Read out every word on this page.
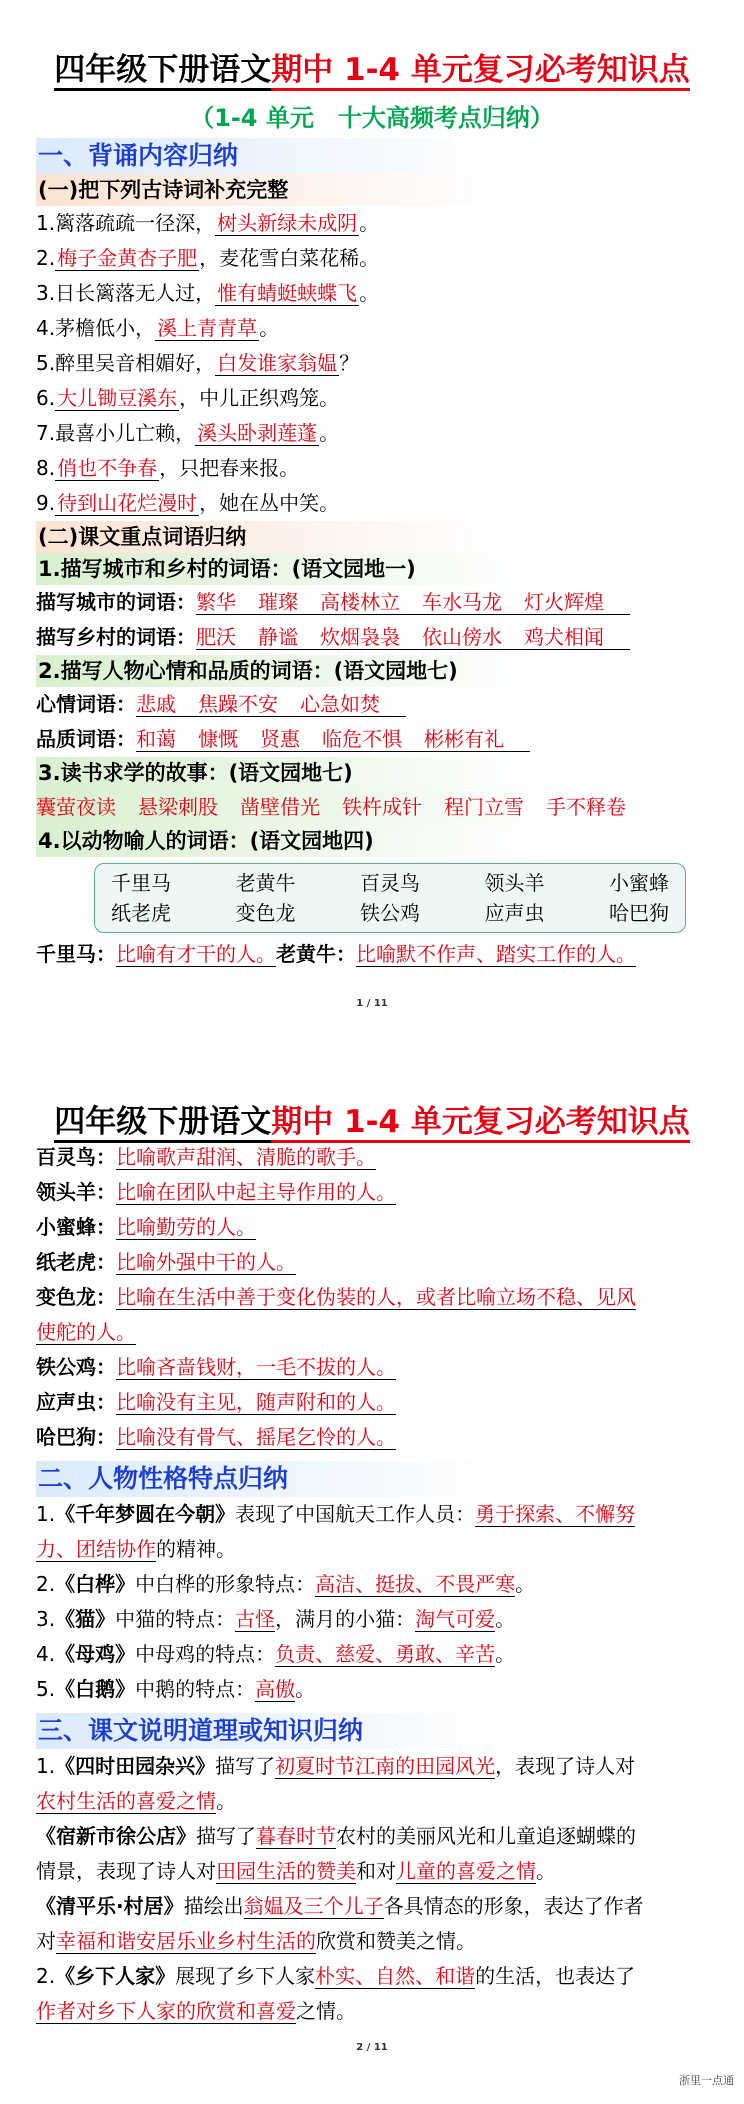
四年级下册语文期中 1-4 单元复习必考知识点
（1-4 单元　十大高频考点归纳）
一、背诵内容归纳
(一)把下列古诗词补充完整
1.篱落疏疏一径深， 树头新绿未成阴 。
2. 梅子金黄杏子肥 ，麦花雪白菜花稀。
3.日长篱落无人过， 惟有蜻蜓蛱蝶飞 。
4.茅檐低小， 溪上青青草 。
5.醉里吴音相媚好， 白发谁家翁媪 ？
6. 大儿锄豆溪东 ，中儿正织鸡笼。
7.最喜小儿亡赖， 溪头卧剥莲蓬 。
8. 俏也不争春 ，只把春来报。
9. 待到山花烂漫时 ，她在丛中笑。
(二)课文重点词语归纳
1.描写城市和乡村的词语：(语文园地一)
描写城市的词语：繁华 璀璨 高楼林立 车水马龙 灯火辉煌
描写乡村的词语：肥沃 静谧 炊烟袅袅 依山傍水 鸡犬相闻
2.描写人物心情和品质的词语：(语文园地七)
心情词语：悲戚 焦躁不安 心急如焚
品质词语：和蔼 慷慨 贤惠 临危不惧 彬彬有礼
3.读书求学的故事：(语文园地七)
囊萤夜读 悬梁刺股 凿壁借光 铁杵成针 程门立雪 手不释卷
4.以动物喻人的词语：(语文园地四)
千里马	老黄牛	百灵鸟	领头羊	小蜜蜂
纸老虎	变色龙	铁公鸡	应声虫	哈巴狗
千里马：比喻有才干的人。老黄牛：比喻默不作声、踏实工作的人。
1 / 11
四年级下册语文期中 1-4 单元复习必考知识点
百灵鸟：比喻歌声甜润、清脆的歌手。
领头羊：比喻在团队中起主导作用的人。
小蜜蜂：比喻勤劳的人。
纸老虎：比喻外强中干的人。
变色龙：比喻在生活中善于变化伪装的人，或者比喻立场不稳、见风
使舵的人。
铁公鸡：比喻吝啬钱财，一毛不拔的人。
应声虫：比喻没有主见，随声附和的人。
哈巴狗：比喻没有骨气、摇尾乞怜的人。
二、人物性格特点归纳
1.《千年梦圆在今朝》表现了中国航天工作人员：勇于探索、不懈努
力、团结协作的精神。
2.《白桦》中白桦的形象特点：高洁、挺拔、不畏严寒。
3.《猫》中猫的特点：古怪，满月的小猫：淘气可爱。
4.《母鸡》中母鸡的特点：负责、慈爱、勇敢、辛苦。
5.《白鹅》中鹅的特点：高傲。
三、课文说明道理或知识归纳
1.《四时田园杂兴》描写了初夏时节江南的田园风光，表现了诗人对
农村生活的喜爱之情。
《宿新市徐公店》描写了暮春时节农村的美丽风光和儿童追逐蝴蝶的
情景，表现了诗人对田园生活的赞美和对儿童的喜爱之情。
《清平乐·村居》描绘出翁媪及三个儿子各具情态的形象，表达了作者
对幸福和谐安居乐业乡村生活的欣赏和赞美之情。
2.《乡下人家》展现了乡下人家朴实、自然、和谐的生活，也表达了
作者对乡下人家的欣赏和喜爱之情。
2 / 11
浙里一点通
